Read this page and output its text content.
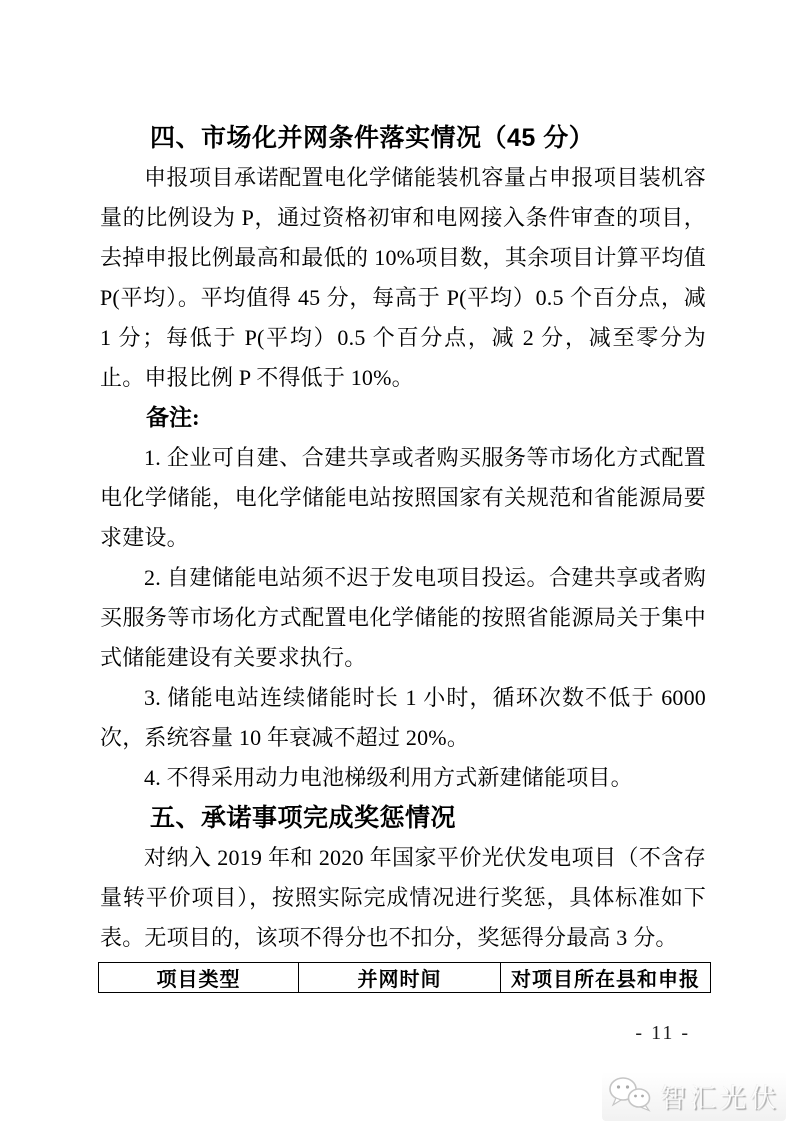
四、市场化并网条件落实情况（45 分）

申报项目承诺配置电化学储能装机容量占申报项目装机容量的比例设为 P，通过资格初审和电网接入条件审查的项目，去掉申报比例最高和最低的 10%项目数，其余项目计算平均值 P(平均）。平均值得 45 分，每高于 P(平均）0.5 个百分点，减 1 分；每低于 P(平均）0.5 个百分点，减 2 分，减至零分为止。申报比例 P 不得低于 10%。

备注:

1. 企业可自建、合建共享或者购买服务等市场化方式配置电化学储能，电化学储能电站按照国家有关规范和省能源局要求建设。

2. 自建储能电站须不迟于发电项目投运。合建共享或者购买服务等市场化方式配置电化学储能的按照省能源局关于集中式储能建设有关要求执行。

3. 储能电站连续储能时长 1 小时，循环次数不低于 6000 次，系统容量 10 年衰减不超过 20%。

4. 不得采用动力电池梯级利用方式新建储能项目。

五、承诺事项完成奖惩情况

对纳入 2019 年和 2020 年国家平价光伏发电项目（不含存量转平价项目），按照实际完成情况进行奖惩，具体标准如下表。无项目的，该项不得分也不扣分，奖惩得分最高 3 分。

项目类型	并网时间	对项目所在县和申报
- 11 -
智汇光伏
